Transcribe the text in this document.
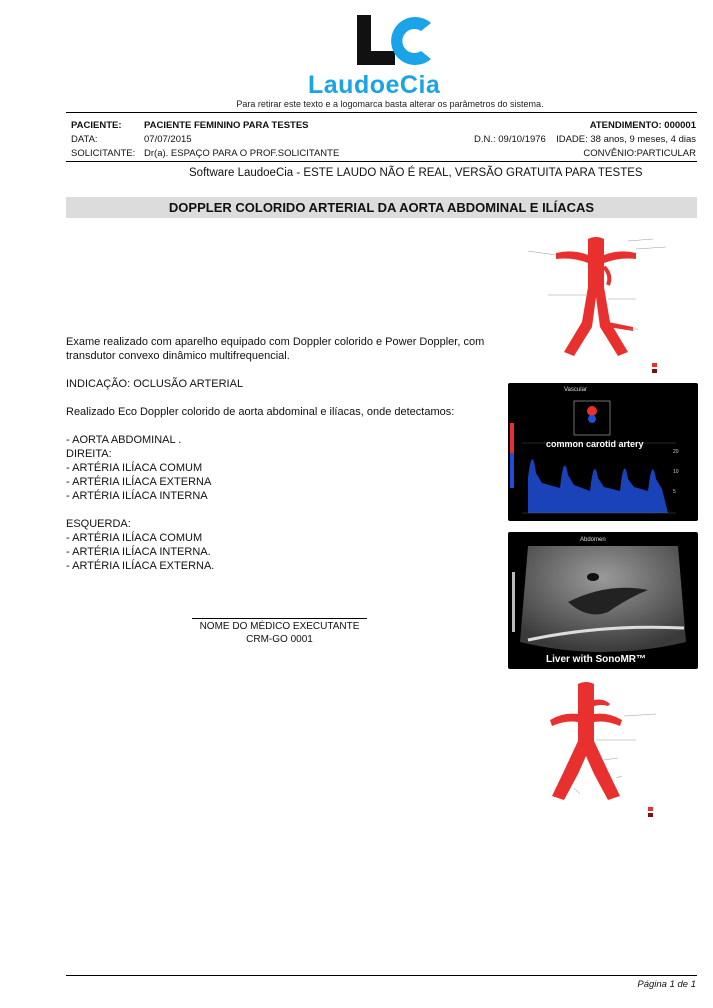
LaudoeCia
Para retirar este texto e a logomarca basta alterar os parâmetros do sistema.
PACIENTE: PACIENTE FEMININO PARA TESTES	ATENDIMENTO: 000001
DATA:	07/07/2015	D.N.: 09/10/1976 IDADE: 38 anos, 9 meses, 4 dias
SOLICITANTE: Dr(a). ESPAÇO PARA O PROF.SOLICITANTE	CONVÊNIO:PARTICULAR
Software LaudoeCia - ESTE LAUDO NÃO É REAL, VERSÃO GRATUITA PARA TESTES
DOPPLER COLORIDO ARTERIAL DA AORTA ABDOMINAL E ILÍACAS
Exame realizado com aparelho equipado com Doppler colorido e Power Doppler, com
transdutor convexo dinâmico multifrequencial.
INDICAÇÃO: OCLUSÃO ARTERIAL
Realizado Eco Doppler colorido de aorta abdominal e ilíacas, onde detectamos:
- AORTA ABDOMINAL .
DIREITA:
- ARTÉRIA ILÍACA COMUM
- ARTÉRIA ILÍACA EXTERNA
- ARTÉRIA ILÍACA INTERNA
ESQUERDA:
- ARTÉRIA ILÍACA COMUM
- ARTÉRIA ILÍACA INTERNA.
- ARTÉRIA ILÍACA EXTERNA.
NOME DO MÉDICO EXECUTANTE
CRM-GO 0001
20
10
5
Vascular
common carotid artery
Abdomen
Liver with SonoMR™
Página 1 de 1
